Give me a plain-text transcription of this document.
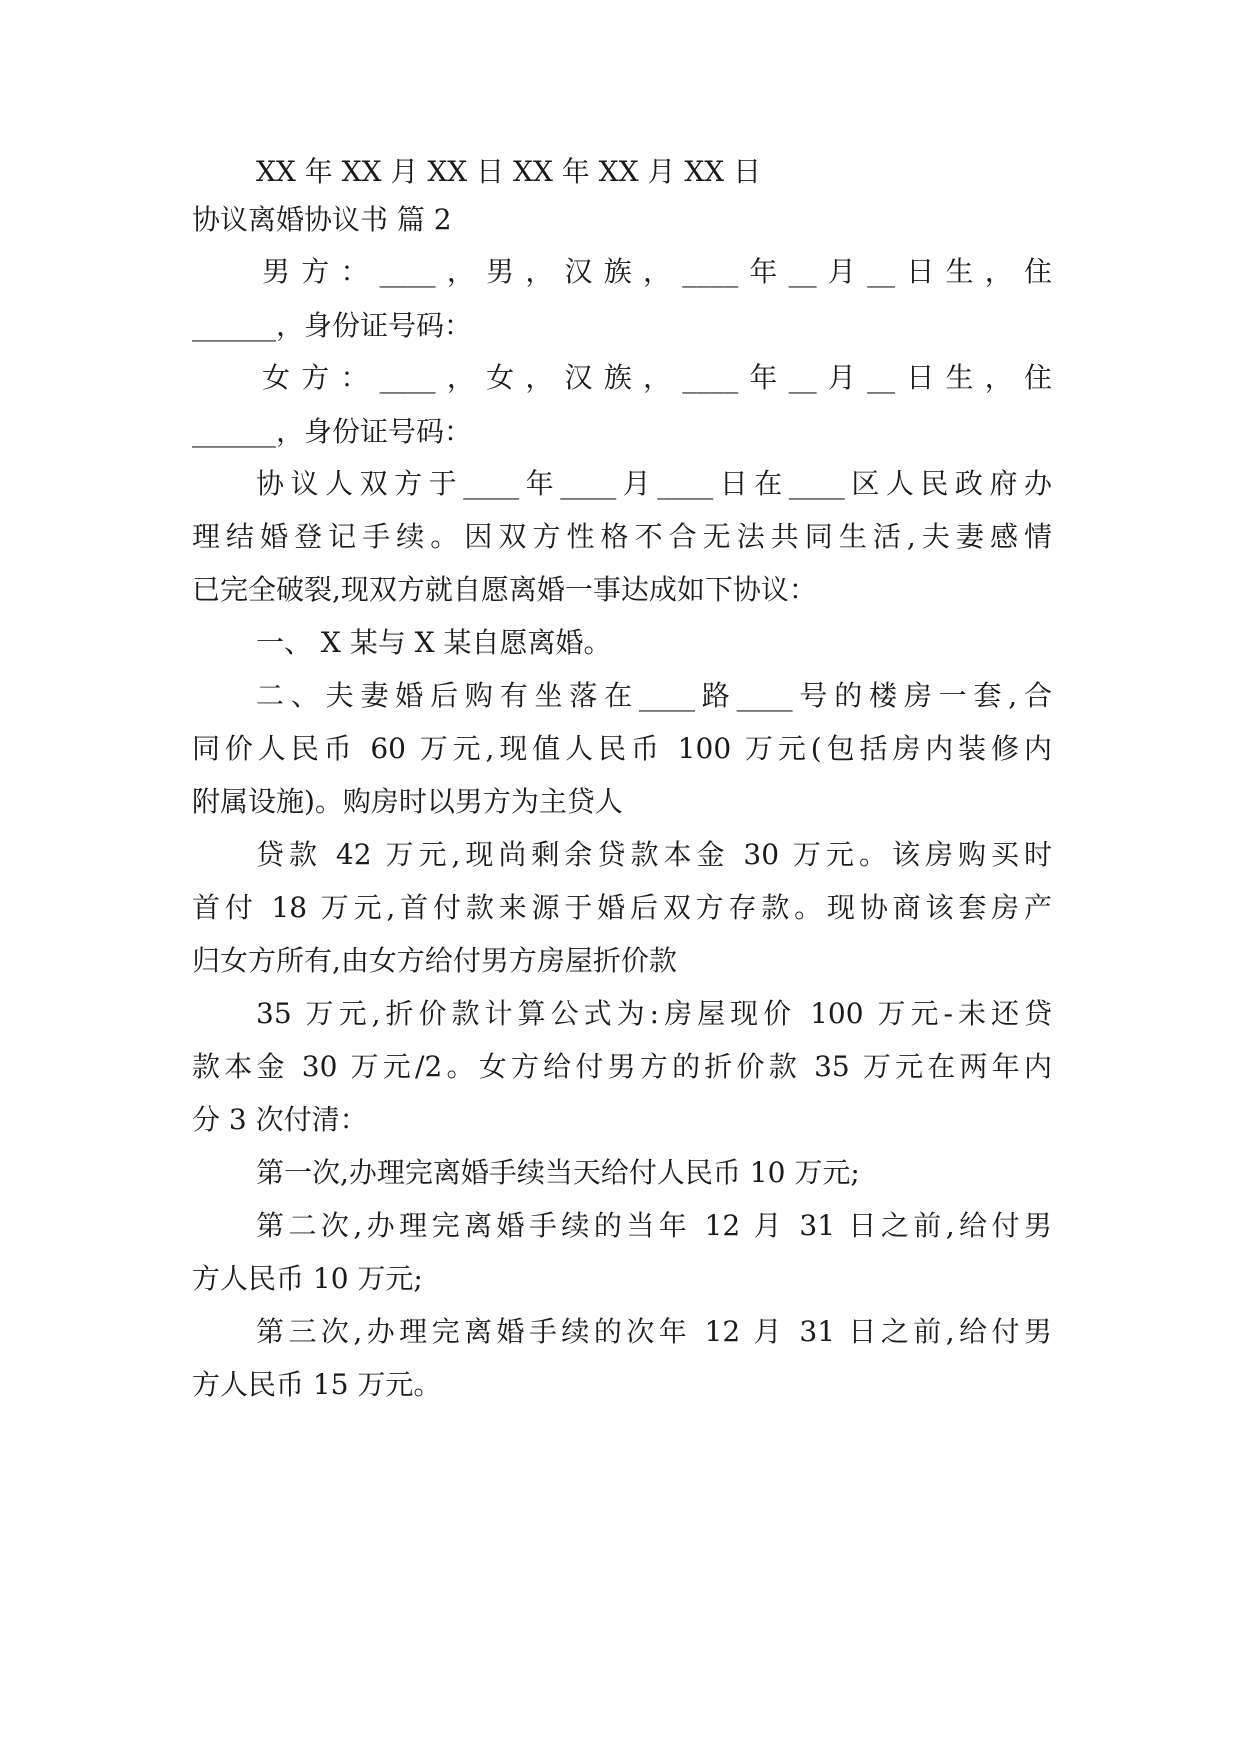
XX 年 XX 月 XX 日 XX 年 XX 月 XX 日
协议离婚协议书 篇 2
男方：____，男，汉族，____年__月__日生，住
______，身份证号码：
女方：____，女，汉族，____年__月__日生，住
______，身份证号码：
协议人双方于____年____月____日在____区人民政府办
理结婚登记手续。因双方性格不合无法共同生活,夫妻感情
已完全破裂,现双方就自愿离婚一事达成如下协议：
一、 X 某与 X 某自愿离婚。
二、夫妻婚后购有坐落在____路____号的楼房一套,合
同价人民币 60 万元,现值人民币 100 万元(包括房内装修内
附属设施)。购房时以男方为主贷人
贷款 42 万元,现尚剩余贷款本金 30 万元。该房购买时
首付 18 万元,首付款来源于婚后双方存款。现协商该套房产
归女方所有,由女方给付男方房屋折价款
35 万元,折价款计算公式为:房屋现价 100 万元-未还贷
款本金 30 万元/2。女方给付男方的折价款 35 万元在两年内
分 3 次付清：
第一次,办理完离婚手续当天给付人民币 10 万元;
第二次,办理完离婚手续的当年 12 月 31 日之前,给付男
方人民币 10 万元;
第三次,办理完离婚手续的次年 12 月 31 日之前,给付男
方人民币 15 万元。
